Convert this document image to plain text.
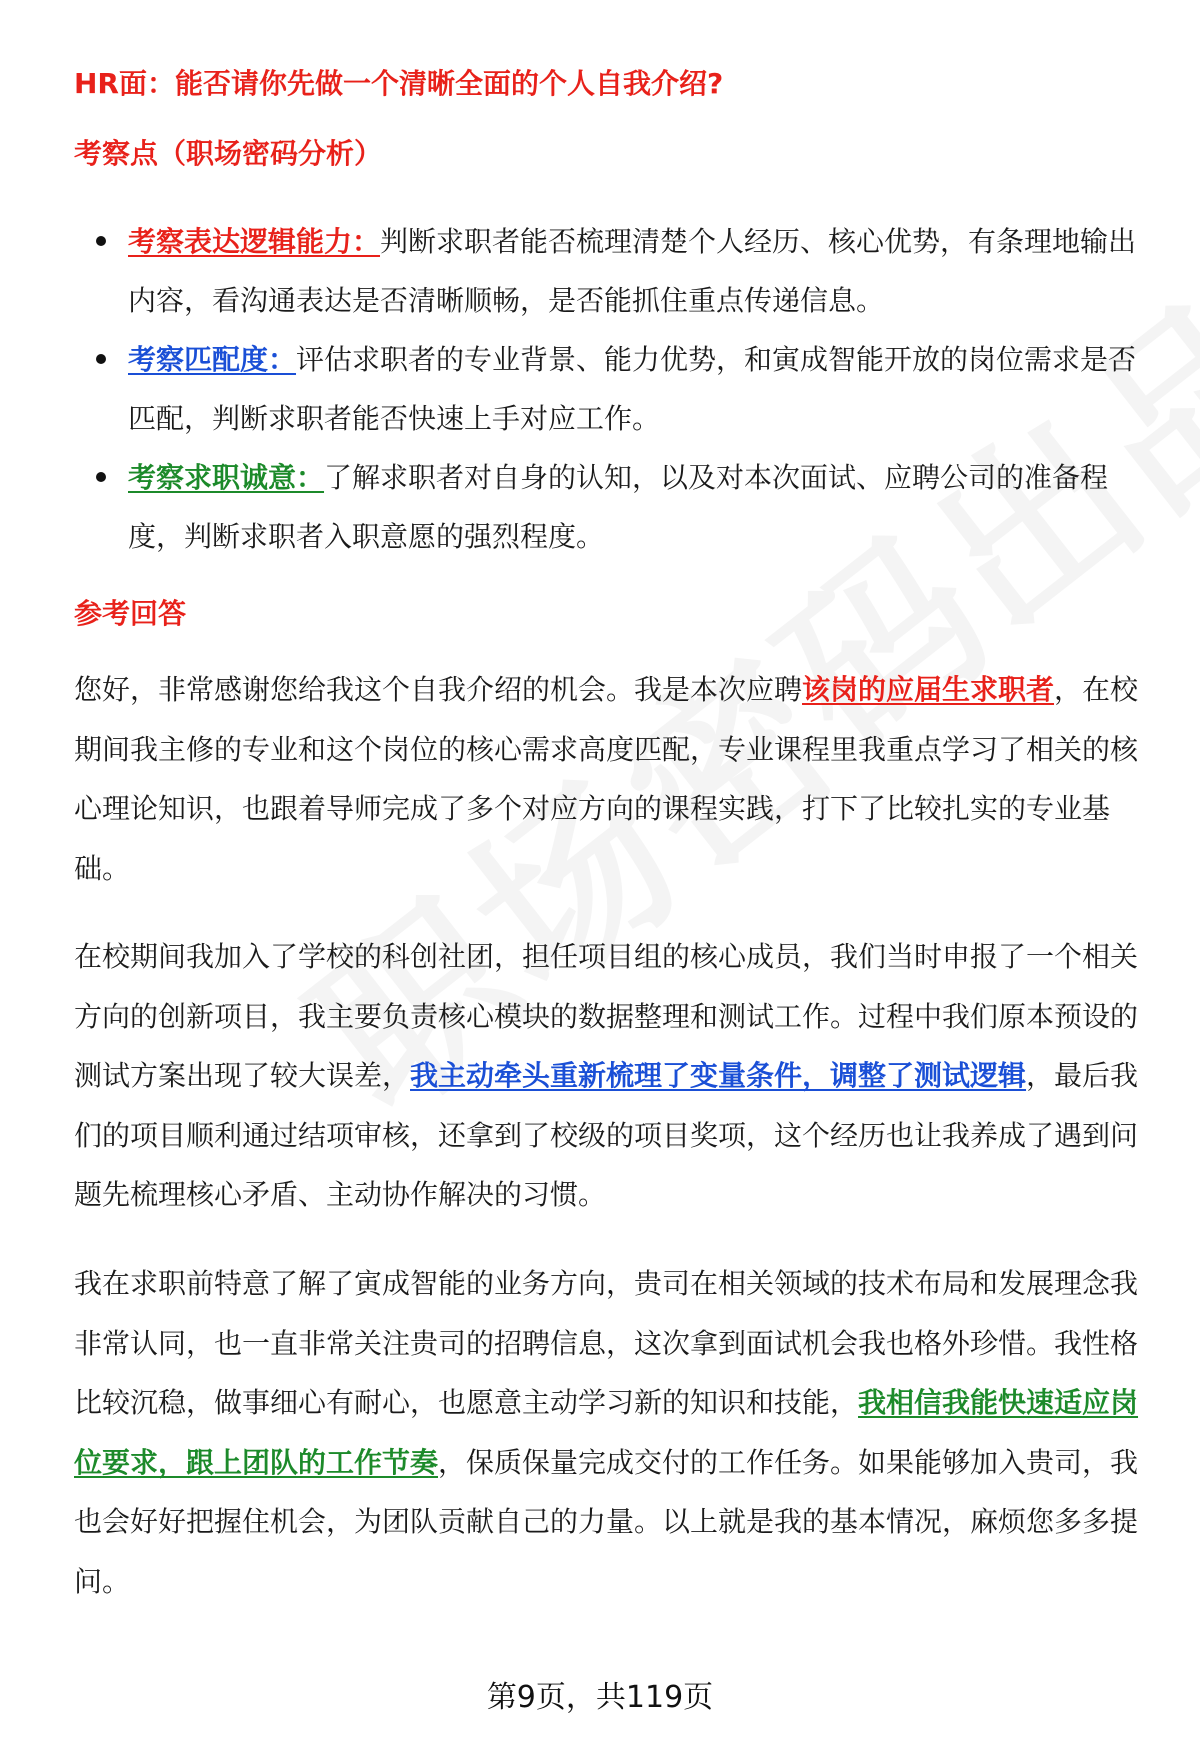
HR面：能否请你先做一个清晰全面的个人自我介绍?
考察点（职场密码分析）
考察表达逻辑能力：判断求职者能否梳理清楚个人经历、核心优势，有条理地输出内容，看沟通表达是否清晰顺畅，是否能抓住重点传递信息。
考察匹配度：评估求职者的专业背景、能力优势，和寅成智能开放的岗位需求是否匹配，判断求职者能否快速上手对应工作。
考察求职诚意：了解求职者对自身的认知，以及对本次面试、应聘公司的准备程度，判断求职者入职意愿的强烈程度。
参考回答

您好，非常感谢您给我这个自我介绍的机会。我是本次应聘该岗的应届生求职者，在校期间我主修的专业和这个岗位的核心需求高度匹配，专业课程里我重点学习了相关的核心理论知识，也跟着导师完成了多个对应方向的课程实践，打下了比较扎实的专业基础。

在校期间我加入了学校的科创社团，担任项目组的核心成员，我们当时申报了一个相关方向的创新项目，我主要负责核心模块的数据整理和测试工作。过程中我们原本预设的测试方案出现了较大误差，我主动牵头重新梳理了变量条件，调整了测试逻辑，最后我们的项目顺利通过结项审核，还拿到了校级的项目奖项，这个经历也让我养成了遇到问题先梳理核心矛盾、主动协作解决的习惯。

我在求职前特意了解了寅成智能的业务方向，贵司在相关领域的技术布局和发展理念我非常认同，也一直非常关注贵司的招聘信息，这次拿到面试机会我也格外珍惜。我性格比较沉稳，做事细心有耐心，也愿意主动学习新的知识和技能，我相信我能快速适应岗位要求，跟上团队的工作节奏，保质保量完成交付的工作任务。如果能够加入贵司，我也会好好把握住机会，为团队贡献自己的力量。以上就是我的基本情况，麻烦您多多提问。

第9页，共119页
